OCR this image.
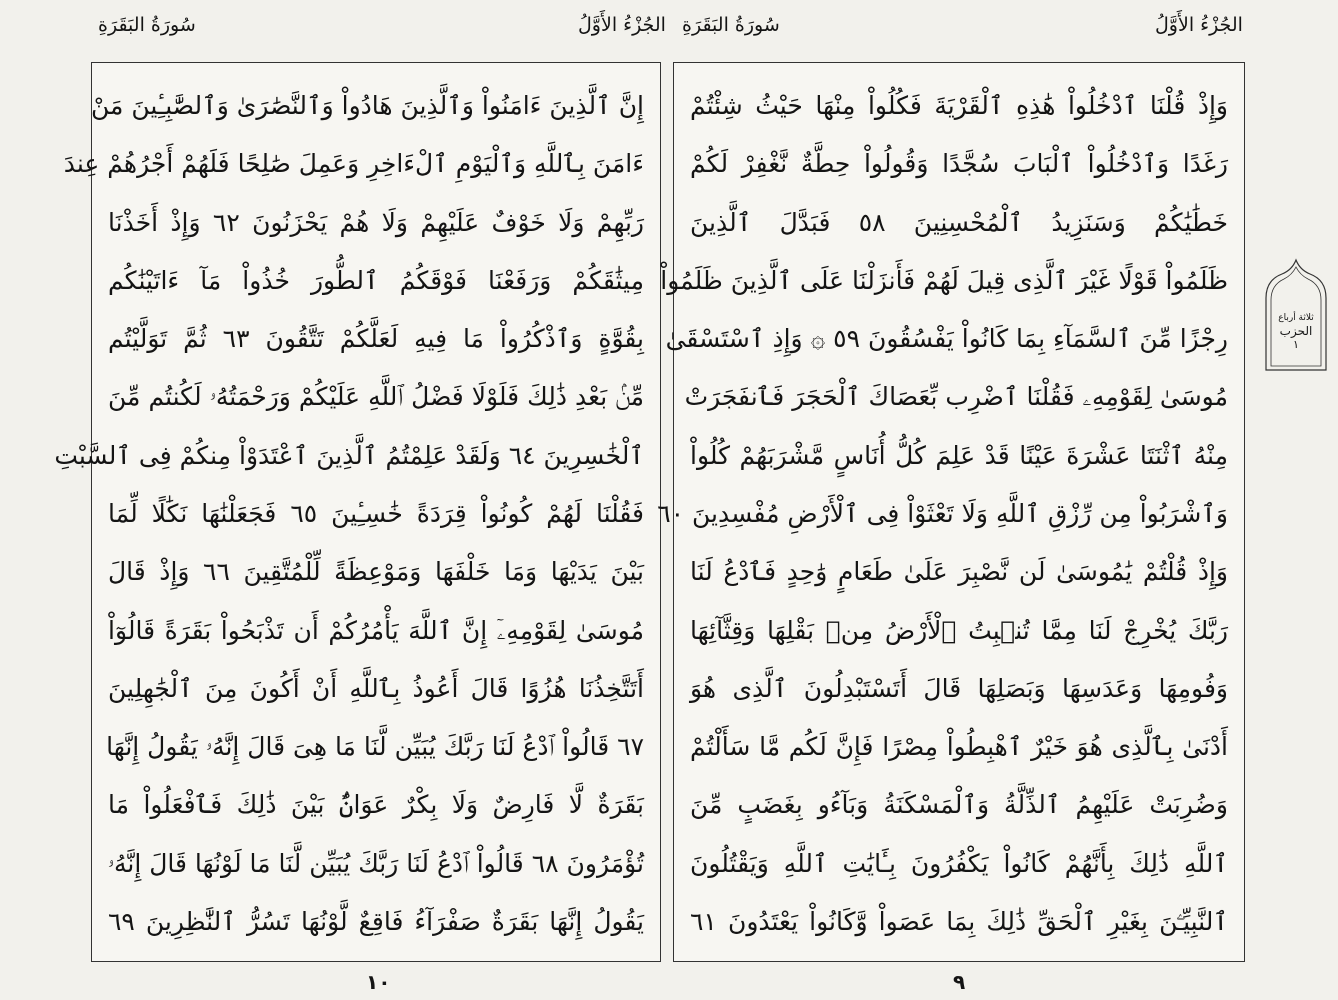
سُورَةُ البَقَرَةِ	الجُزْءُ الأَوَّلُ سُورَةُ البَقَرَةِ	الجُزْءُ الأَوَّلُ
إِنَّ ٱلَّذِينَ ءَامَنُواْ وَٱلَّذِينَ هَادُواْ وَٱلنَّصَٰرَىٰ وَٱلصَّٰبِـِٔينَ مَنْ
ءَامَنَ بِٱللَّهِ وَٱلْيَوْمِ ٱلْءَاخِرِ وَعَمِلَ صَٰلِحًا فَلَهُمْ أَجْرُهُمْ عِندَ
رَبِّهِمْ وَلَا خَوْفٌ عَلَيْهِمْ وَلَا هُمْ يَحْزَنُونَ ٦٢ وَإِذْ أَخَذْنَا
مِيثَٰقَكُمْ وَرَفَعْنَا فَوْقَكُمُ ٱلطُّورَ خُذُواْ مَآ ءَاتَيْنَٰكُم
بِقُوَّةٍ وَٱذْكُرُواْ مَا فِيهِ لَعَلَّكُمْ تَتَّقُونَ ٦٣ ثُمَّ تَوَلَّيْتُم
مِّنۢ بَعْدِ ذَٰلِكَ فَلَوْلَا فَضْلُ ٱللَّهِ عَلَيْكُمْ وَرَحْمَتُهُۥ لَكُنتُم مِّنَ
ٱلْخَٰسِرِينَ ٦٤ وَلَقَدْ عَلِمْتُمُ ٱلَّذِينَ ٱعْتَدَوْاْ مِنكُمْ فِى ٱلسَّبْتِ
فَقُلْنَا لَهُمْ كُونُواْ قِرَدَةً خَٰسِـِٔينَ ٦٥ فَجَعَلْنَٰهَا نَكَٰلًا لِّمَا
بَيْنَ يَدَيْهَا وَمَا خَلْفَهَا وَمَوْعِظَةً لِّلْمُتَّقِينَ ٦٦ وَإِذْ قَالَ
مُوسَىٰ لِقَوْمِهِۦٓ إِنَّ ٱللَّهَ يَأْمُرُكُمْ أَن تَذْبَحُواْ بَقَرَةً قَالُوٓاْ
أَتَتَّخِذُنَا هُزُوًا قَالَ أَعُوذُ بِٱللَّهِ أَنْ أَكُونَ مِنَ ٱلْجَٰهِلِينَ
٦٧ قَالُواْ ٱدْعُ لَنَا رَبَّكَ يُبَيِّن لَّنَا مَا هِىَ قَالَ إِنَّهُۥ يَقُولُ إِنَّهَا
بَقَرَةٌ لَّا فَارِضٌ وَلَا بِكْرٌ عَوَانٌۢ بَيْنَ ذَٰلِكَ فَٱفْعَلُواْ مَا
تُؤْمَرُونَ ٦٨ قَالُواْ ٱدْعُ لَنَا رَبَّكَ يُبَيِّن لَّنَا مَا لَوْنُهَا قَالَ إِنَّهُۥ
يَقُولُ إِنَّهَا بَقَرَةٌ صَفْرَآءُ فَاقِعٌ لَّوْنُهَا تَسُرُّ ٱلنَّٰظِرِينَ ٦٩
وَإِذْ قُلْنَا ٱدْخُلُواْ هَٰذِهِ ٱلْقَرْيَةَ فَكُلُواْ مِنْهَا حَيْثُ شِئْتُمْ
رَغَدًا وَٱدْخُلُواْ ٱلْبَابَ سُجَّدًا وَقُولُواْ حِطَّةٌ نَّغْفِرْ لَكُمْ
خَطَٰيَٰكُمْ وَسَنَزِيدُ ٱلْمُحْسِنِينَ ٥٨ فَبَدَّلَ ٱلَّذِينَ
ظَلَمُواْ قَوْلًا غَيْرَ ٱلَّذِى قِيلَ لَهُمْ فَأَنزَلْنَا عَلَى ٱلَّذِينَ ظَلَمُواْ
رِجْزًا مِّنَ ٱلسَّمَآءِ بِمَا كَانُواْ يَفْسُقُونَ ٥٩ ۞ وَإِذِ ٱسْتَسْقَىٰ
مُوسَىٰ لِقَوْمِهِۦ فَقُلْنَا ٱضْرِب بِّعَصَاكَ ٱلْحَجَرَ فَٱنفَجَرَتْ
مِنْهُ ٱثْنَتَا عَشْرَةَ عَيْنًا قَدْ عَلِمَ كُلُّ أُنَاسٍ مَّشْرَبَهُمْ كُلُواْ
وَٱشْرَبُواْ مِن رِّزْقِ ٱللَّهِ وَلَا تَعْثَوْاْ فِى ٱلْأَرْضِ مُفْسِدِينَ ٦٠
وَإِذْ قُلْتُمْ يَٰمُوسَىٰ لَن نَّصْبِرَ عَلَىٰ طَعَامٍ وَٰحِدٍ فَٱدْعُ لَنَا
رَبَّكَ يُخْرِجْ لَنَا مِمَّا تُنۢبِتُ ٱلْأَرْضُ مِنۢ بَقْلِهَا وَقِثَّآئِهَا
وَفُومِهَا وَعَدَسِهَا وَبَصَلِهَا قَالَ أَتَسْتَبْدِلُونَ ٱلَّذِى هُوَ
أَدْنَىٰ بِٱلَّذِى هُوَ خَيْرٌ ٱهْبِطُواْ مِصْرًا فَإِنَّ لَكُم مَّا سَأَلْتُمْ
وَضُرِبَتْ عَلَيْهِمُ ٱلذِّلَّةُ وَٱلْمَسْكَنَةُ وَبَآءُو بِغَضَبٍ مِّنَ
ٱللَّهِ ذَٰلِكَ بِأَنَّهُمْ كَانُواْ يَكْفُرُونَ بِـَٔايَٰتِ ٱللَّهِ وَيَقْتُلُونَ
ٱلنَّبِيِّـۧنَ بِغَيْرِ ٱلْحَقِّ ذَٰلِكَ بِمَا عَصَواْ وَّكَانُواْ يَعْتَدُونَ ٦١
ثلاثة أرباع
الحزب
١
١٠	٩
